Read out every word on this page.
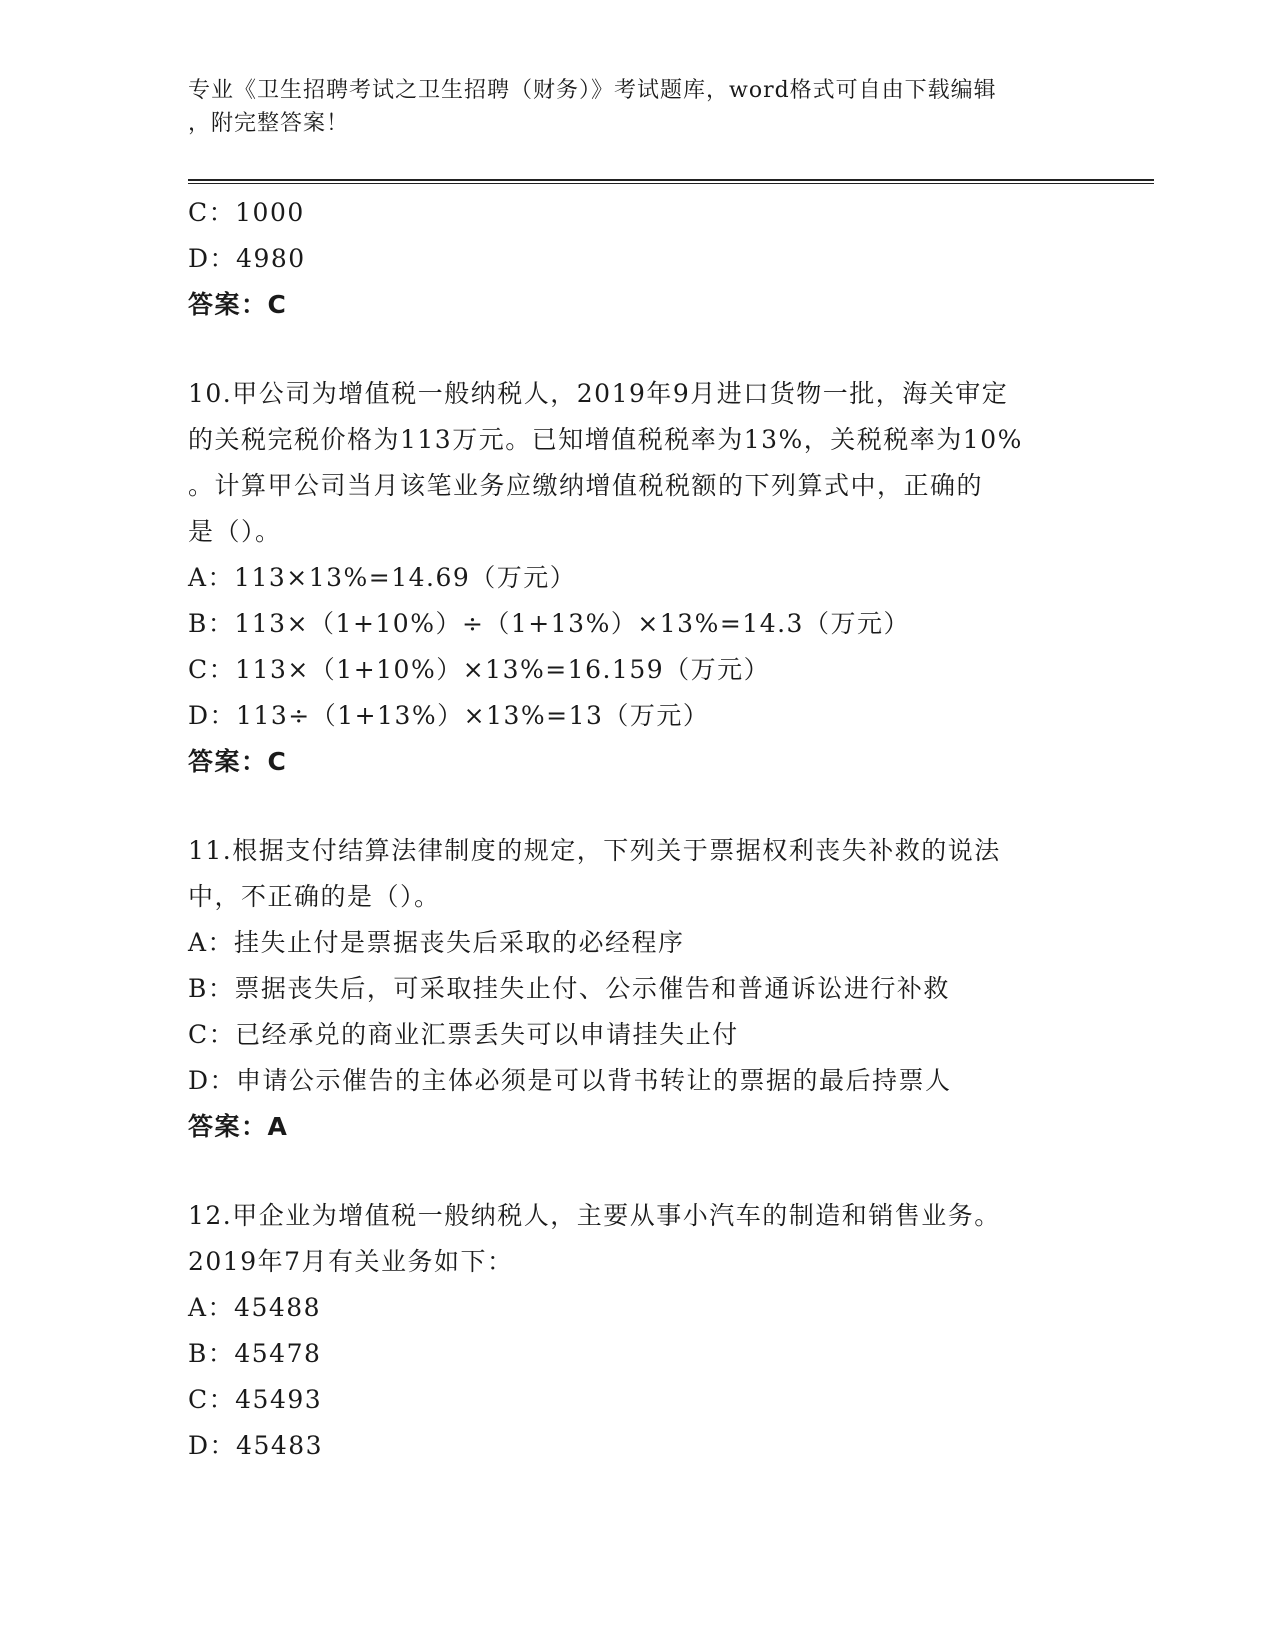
专业《卫生招聘考试之卫生招聘（财务）》考试题库，word格式可自由下载编辑
，附完整答案！
C：1000
D：4980
答案：C
10.甲公司为增值税一般纳税人，2019年9月进口货物一批，海关审定
的关税完税价格为113万元。已知增值税税率为13%，关税税率为10%
。计算甲公司当月该笔业务应缴纳增值税税额的下列算式中，正确的
是（）。
A：113×13%=14.69（万元）
B：113×（1+10%）÷（1+13%）×13%=14.3（万元）
C：113×（1+10%）×13%=16.159（万元）
D：113÷（1+13%）×13%=13（万元）
答案：C
11.根据支付结算法律制度的规定，下列关于票据权利丧失补救的说法
中，不正确的是（）。
A：挂失止付是票据丧失后采取的必经程序
B：票据丧失后，可采取挂失止付、公示催告和普通诉讼进行补救
C：已经承兑的商业汇票丢失可以申请挂失止付
D：申请公示催告的主体必须是可以背书转让的票据的最后持票人
答案：A
12.甲企业为增值税一般纳税人，主要从事小汽车的制造和销售业务。
2019年7月有关业务如下：
A：45488
B：45478
C：45493
D：45483
